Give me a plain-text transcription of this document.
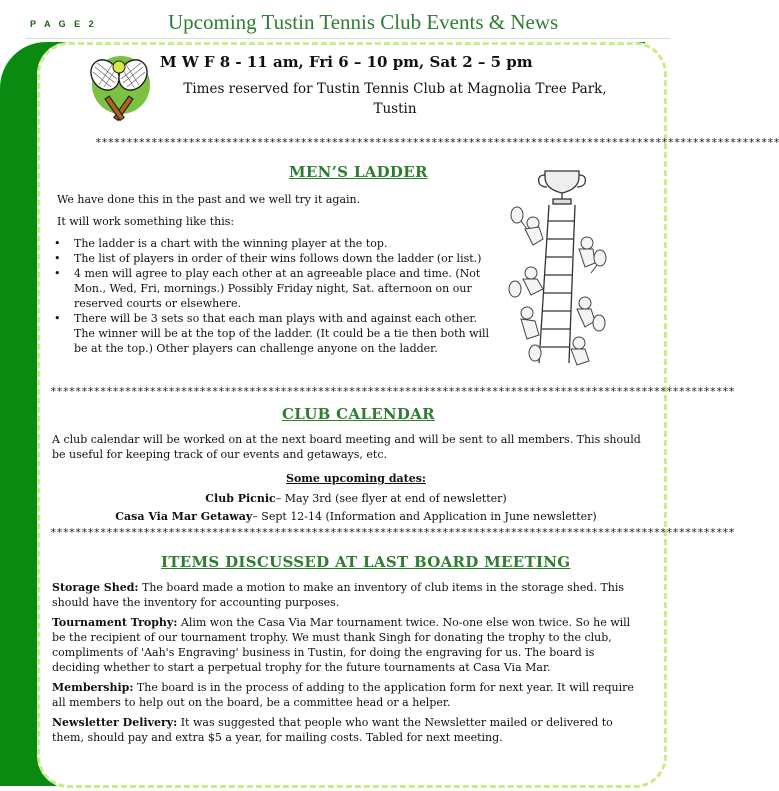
P A G E 2	Upcoming Tustin Tennis Club Events & News
M W F 8 - 11 am, Fri 6 – 10 pm, Sat 2 – 5 pm
Times reserved for Tustin Tennis Club at Magnolia Tree Park,
Tustin
**************************************************************************************************************
MEN’S LADDER
We have done this in the past and we well try it again.
It will work something like this:
• The ladder is a chart with the winning player at the top.
• The list of players in order of their wins follows down the ladder (or list.)
• 4 men will agree to play each other at an agreeable place and time. (Not Mon., Wed, Fri, mornings.) Possibly Friday night, Sat. afternoon on our reserved courts or elsewhere.
• There will be 3 sets so that each man plays with and against each other. The winner will be at the top of the ladder. (It could be a tie then both will be at the top.) Other players can challenge anyone on the ladder.
**************************************************************************************************************
CLUB CALENDAR
A club calendar will be worked on at the next board meeting and will be sent to all members. This should be useful for keeping track of our events and getaways, etc.
Some upcoming dates:
Club Picnic– May 3rd (see flyer at end of newsletter)
Casa Via Mar Getaway– Sept 12-14 (Information and Application in June newsletter)
**************************************************************************************************************
ITEMS DISCUSSED AT LAST BOARD MEETING

Storage Shed: The board made a motion to make an inventory of club items in the storage shed. This should have the inventory for accounting purposes.

Tournament Trophy: Alim won the Casa Via Mar tournament twice. No-one else won twice. So he will be the recipient of our tournament trophy. We must thank Singh for donating the trophy to the club, compliments of 'Aah's Engraving' business in Tustin, for doing the engraving for us. The board is deciding whether to start a perpetual trophy for the future tournaments at Casa Via Mar.

Membership: The board is in the process of adding to the application form for next year. It will require all members to help out on the board, be a committee head or a helper.

Newsletter Delivery: It was suggested that people who want the Newsletter mailed or delivered to them, should pay and extra $5 a year, for mailing costs. Tabled for next meeting.
